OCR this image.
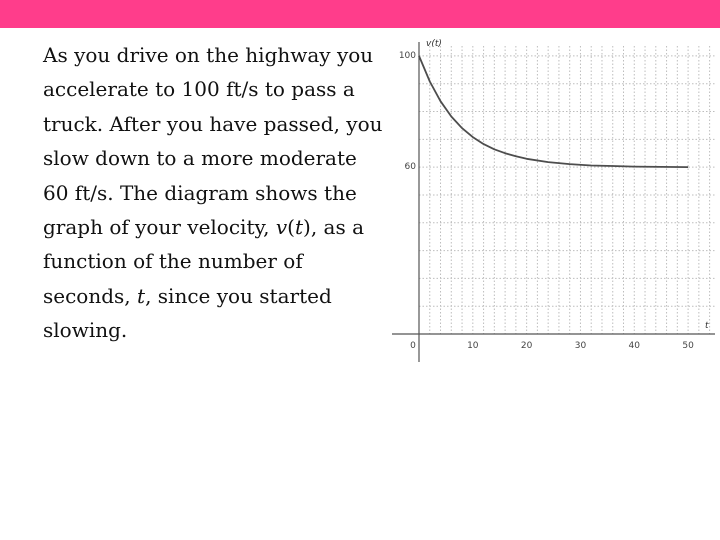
As you drive on the highway you
accelerate to 100 ft/s to pass a
truck. After you have passed, you
slow down to a more moderate
60 ft/s. The diagram shows the
graph of your velocity, v(t), as a
function of the number of
seconds, t, since you started
slowing.

v(t)
t
0	10	20	30	40	50
60
100
